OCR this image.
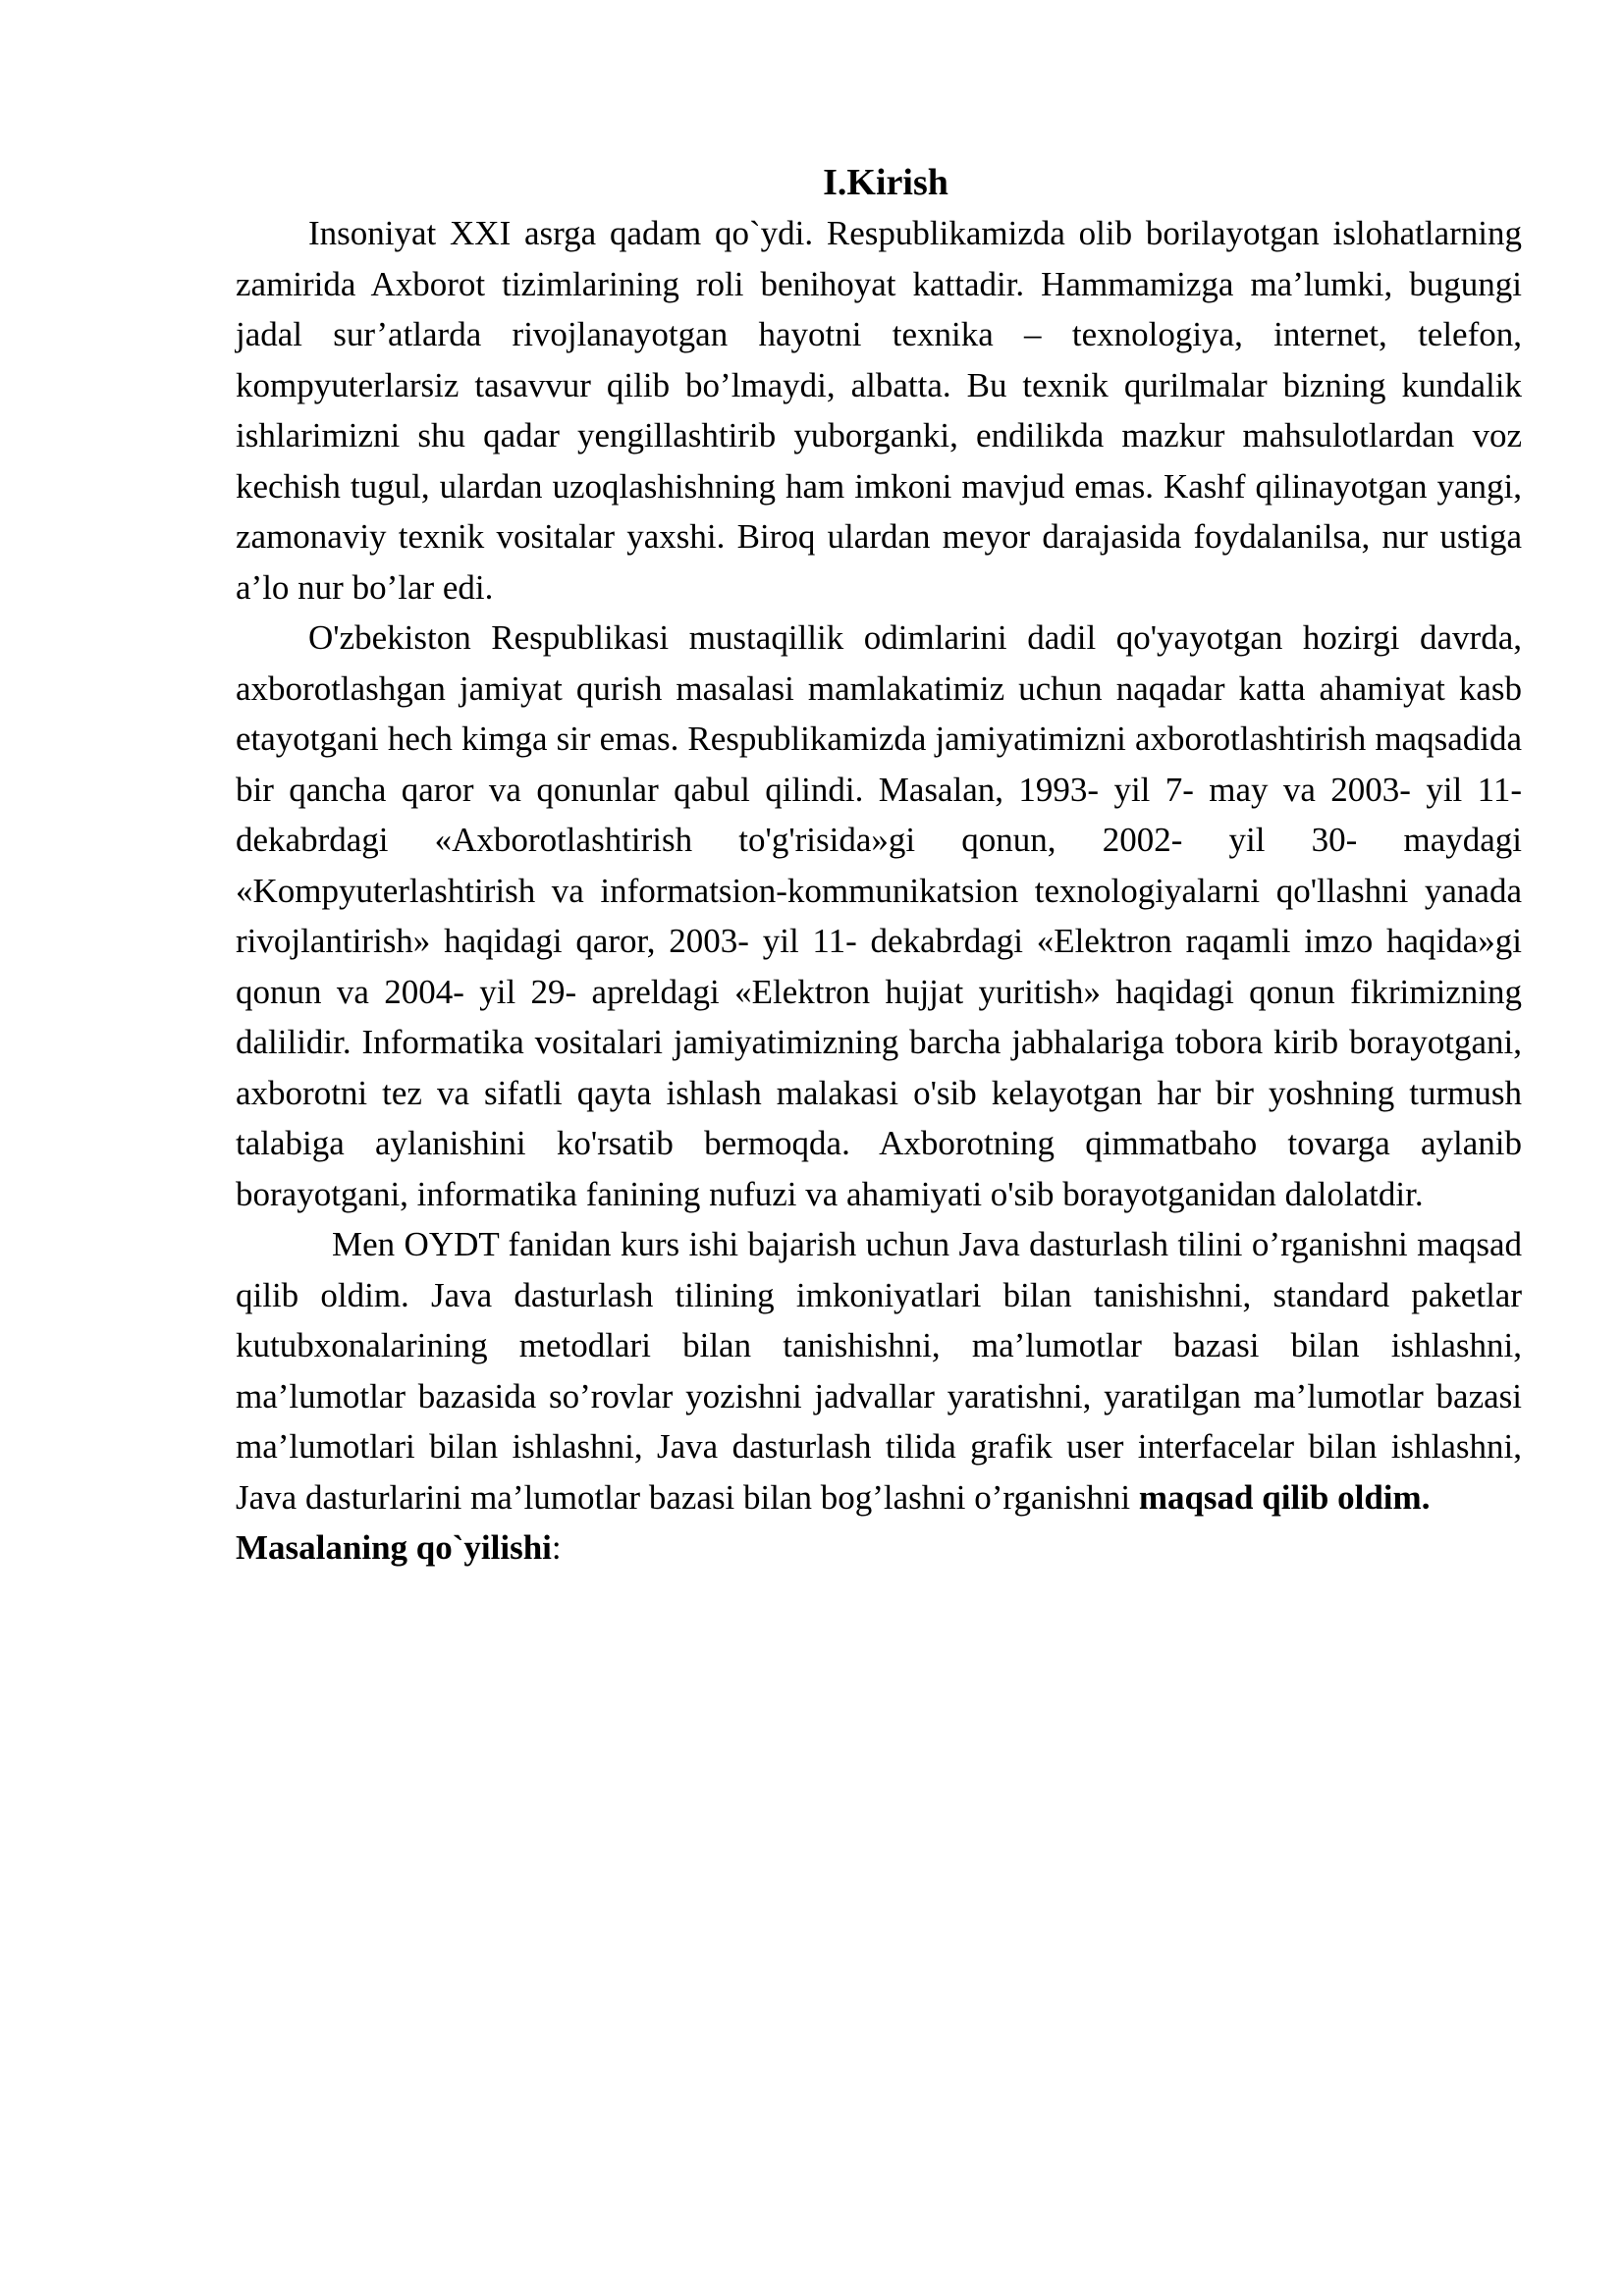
I.Kirish

Insoniyat XXI asrga qadam qo`ydi. Respublikamizda olib borilayotgan islohatlarning zamirida Axborot tizimlarining roli benihoyat kattadir. Hammamizga ma’lumki, bugungi jadal sur’atlarda rivojlanayotgan hayotni texnika – texnologiya, internet, telefon, kompyuterlarsiz tasavvur qilib bo’lmaydi, albatta. Bu texnik qurilmalar bizning kundalik ishlarimizni shu qadar yengillashtirib yuborganki, endilikda mazkur mahsulotlardan voz kechish tugul, ulardan uzoqlashishning ham imkoni mavjud emas. Kashf qilinayotgan yangi, zamonaviy texnik vositalar yaxshi. Biroq ulardan meyor darajasida foydalanilsa, nur ustiga a’lo nur bo’lar edi.

O'zbekiston Respublikasi mustaqillik odimlarini dadil qo'yayotgan hozirgi davrda, axborotlashgan jamiyat qurish masalasi mamlakatimiz uchun naqadar katta ahamiyat kasb etayotgani hech kimga sir emas. Respublikamizda jamiyatimizni axborotlashtirish maqsadida bir qancha qaror va qonunlar qabul qilindi. Masalan, 1993- yil 7- may va 2003- yil 11- dekabrdagi «Axborotlashtirish to'g'risida»gi qonun, 2002- yil 30- maydagi «Kompyuterlashtirish va informatsion-kommunikatsion texnologiyalarni qo'llashni yanada rivojlantirish» haqidagi qaror, 2003- yil 11- dekabrdagi «Elektron raqamli imzo haqida»gi qonun va 2004- yil 29- apreldagi «Elektron hujjat yuritish» haqidagi qonun fikrimizning dalilidir. Informatika vositalari jamiyatimizning barcha jabhalariga tobora kirib borayotgani, axborotni tez va sifatli qayta ishlash malakasi o'sib kelayotgan har bir yoshning turmush talabiga aylanishini ko'rsatib bermoqda. Axborotning qimmatbaho tovarga aylanib borayotgani, informatika fanining nufuzi va ahamiyati o'sib borayotganidan dalolatdir.

Men OYDT fanidan kurs ishi bajarish uchun Java dasturlash tilini o’rganishni maqsad qilib oldim. Java dasturlash tilining imkoniyatlari bilan tanishishni, standard paketlar kutubxonalarining metodlari bilan tanishishni, ma’lumotlar bazasi bilan ishlashni, ma’lumotlar bazasida so’rovlar yozishni jadvallar yaratishni, yaratilgan ma’lumotlar bazasi ma’lumotlari bilan ishlashni, Java dasturlash tilida grafik user interfacelar bilan ishlashni, Java dasturlarini ma’lumotlar bazasi bilan bog’lashni o’rganishni maqsad qilib oldim.

Masalaning qo`yilishi:
